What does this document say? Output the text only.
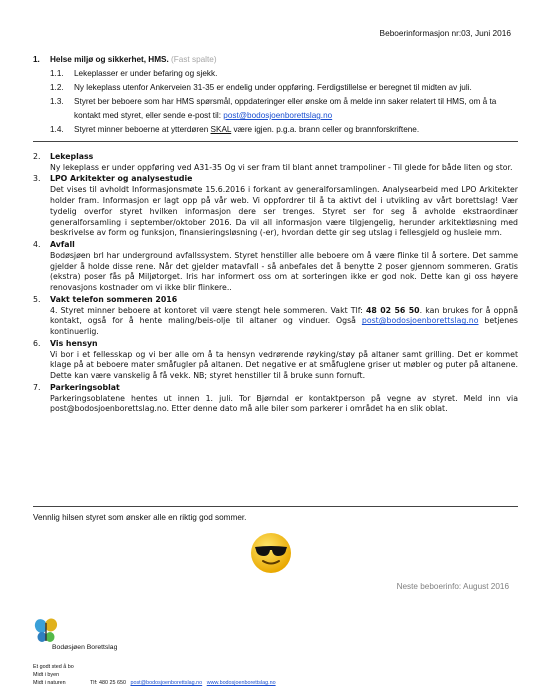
Beboerinformasjon nr:03, Juni 2016
1.	Helse miljø og sikkerhet, HMS. (Fast spalte)
1.1.	Lekeplasser er under befaring og sjekk.
1.2.	Ny lekeplass utenfor Ankerveien 31-35 er endelig under oppføring. Ferdigstillelse er beregnet til midten av juli.
1.3.	Styret ber beboere som har HMS spørsmål, oppdateringer eller ønske om å melde inn saker relatert til HMS, om å ta kontakt med styret, eller sende e-post til: post@bodosjoenborettslag.no
1.4.	Styret minner beboerne at ytterdøren SKAL være igjen. p.g.a. brann celler og brannforskriftene.
2.	Lekeplass

Ny lekeplass er under oppføring ved A31-35 Og vi ser fram til blant annet trampoliner - Til glede for både liten og stor.

3.	LPO Arkitekter og analysestudie

Det vises til avholdt Informasjonsmøte 15.6.2016 i forkant av generalforsamlingen. Analysearbeid med LPO Arkitekter holder fram. Informasjon er lagt opp på vår web. Vi oppfordrer til å ta aktivt del i utvikling av vårt borettslag! Vær tydelig overfor styret hvilken informasjon dere ser trenges. Styret ser for seg å avholde ekstraordinær generalforsamling i september/oktober 2016. Da vil all informasjon være tilgjengelig, herunder arkitektløsning med beskrivelse av form og funksjon, finansieringsløsning (-er), hvordan dette gir seg utslag i fellesgjeld og husleie mm.

4.	Avfall

Bodøsjøen brl har underground avfallssystem. Styret henstiller alle beboere om å være flinke til å sortere. Det samme gjelder å holde disse rene. Når det gjelder matavfall - så anbefales det å benytte 2 poser gjennom sommeren. Gratis (ekstra) poser fås på Miljøtorget. Iris har informert oss om at sorteringen ikke er god nok. Dette kan gi oss høyere renovasjons kostnader om vi ikke blir flinkere..

5.	Vakt telefon sommeren 2016

4. Styret minner beboere at kontoret vil være stengt hele sommeren. Vakt Tlf: 48 02 56 50. kan brukes for å oppnå kontakt, også for å hente maling/beis-olje til altaner og vinduer. Også post@bodosjoenborettslag.no betjenes kontinuerlig.

6.	Vis hensyn

Vi bor i et fellesskap og vi ber alle om å ta hensyn vedrørende røyking/støy på altaner samt grilling. Det er kommet klage på at beboere mater småfugler på altanen. Det negative er at småfuglene griser ut møbler og puter på altanene. Dette kan være vanskelig å få vekk. NB; styret henstiller til å bruke sunn fornuft.

7.	Parkeringsoblat

Parkeringsoblatene hentes ut innen 1. juli. Tor Bjørndal er kontaktperson på vegne av styret. Meld inn via post@bodosjoenborettslag.no. Etter denne dato må alle biler som parkerer i området ha en slik oblat.

Vennlig hilsen styret som ønsker alle en riktig god sommer.
Neste beboerinfo: August 2016
Bodøsjøen Borettslag
Et godt sted å bo
Midt i byen
Midt i naturen	Tlf: 480 25 650 post@bodosjoenborettslag.no www.bodosjoenborettslag.no
